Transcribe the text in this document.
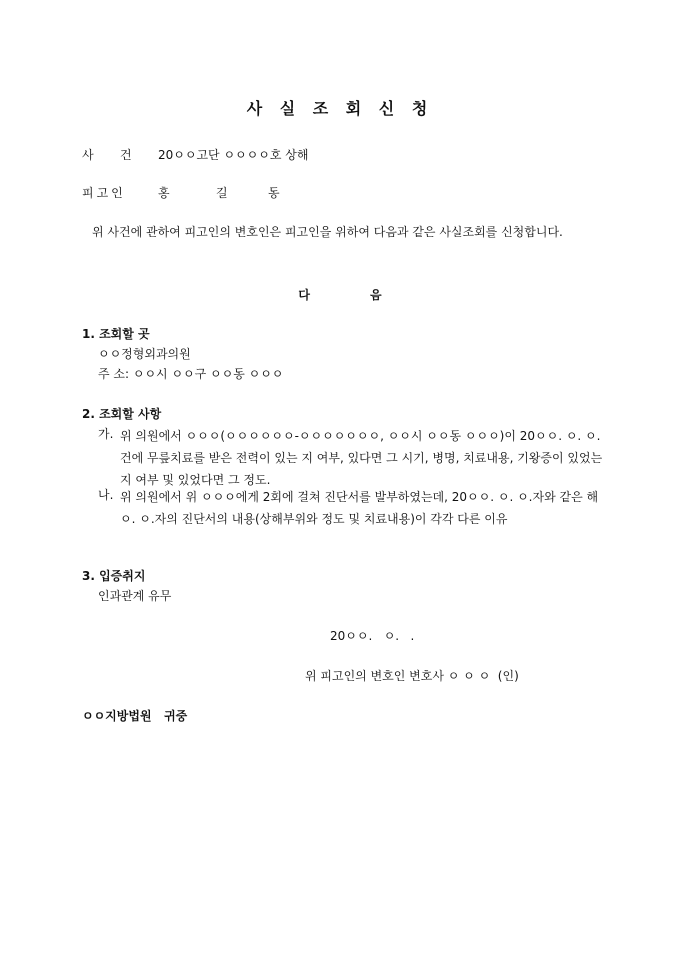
사 실 조 회 신 청
사 건 20ㅇㅇ고단 ㅇㅇㅇㅇ호 상해
피고인	홍	길	동
위 사건에 관하여 피고인의 변호인은 피고인을 위하여 다음과 같은 사실조회를 신청합니다.
다	음
1. 조회할 곳
ㅇㅇ정형외과의원
주 소: ㅇㅇ시 ㅇㅇ구 ㅇㅇ동 ㅇㅇㅇ
2. 조회할 사항
가. 위 의원에서 ㅇㅇㅇ(ㅇㅇㅇㅇㅇㅇ-ㅇㅇㅇㅇㅇㅇㅇ, ㅇㅇ시 ㅇㅇ동 ㅇㅇㅇ)이 20ㅇㅇ. ㅇ. ㅇ. 건에 무릎치료를 받은 전력이 있는 지 여부, 있다면 그 시기, 병명, 치료내용, 기왕증이 있었는지 여부 및 있었다면 그 정도.
나. 위 의원에서 위 ㅇㅇㅇ에게 2회에 걸쳐 진단서를 발부하였는데, 20ㅇㅇ. ㅇ. ㅇ.자와 같은 해 ㅇ. ㅇ.자의 진단서의 내용(상해부위와 정도 및 치료내용)이 각각 다른 이유
3. 입증취지
인과관계 유무
20ㅇㅇ.   ㅇ.   .
위 피고인의 변호인 변호사 ㅇ ㅇ ㅇ  (인)
ㅇㅇ지방법원   귀중
